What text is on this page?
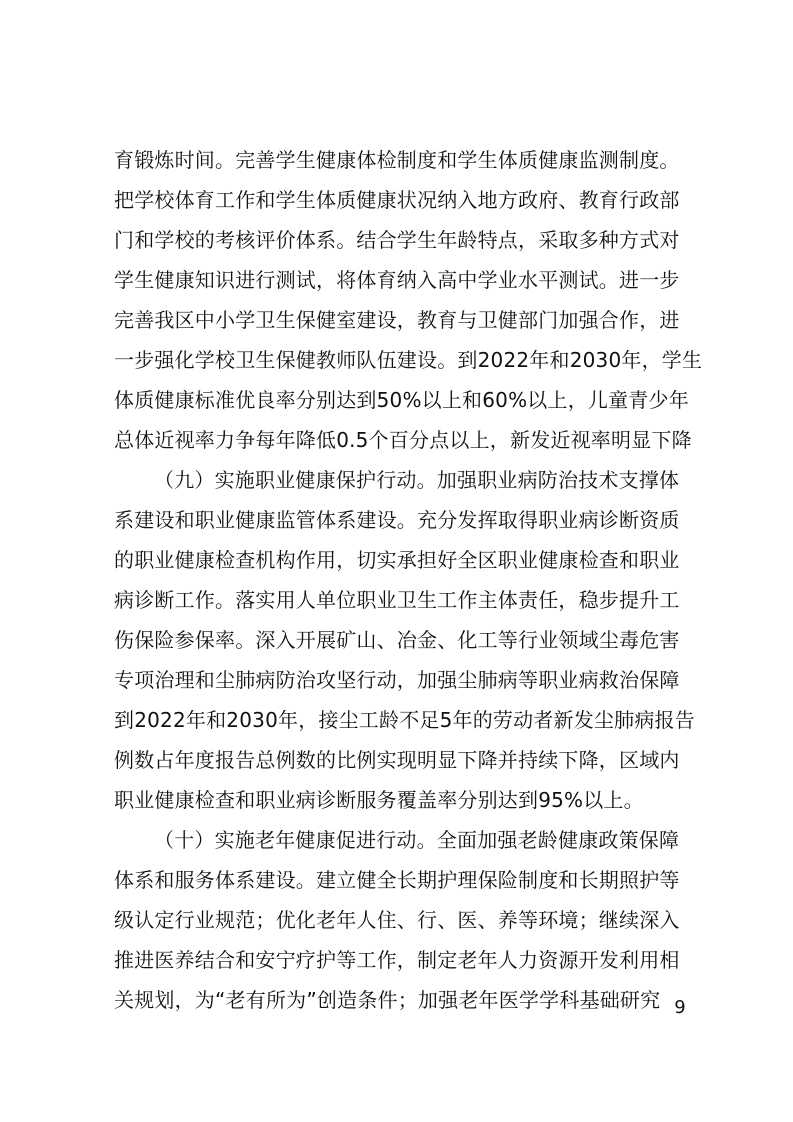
育锻炼时间。完善学生健康体检制度和学生体质健康监测制度。
把学校体育工作和学生体质健康状况纳入地方政府、教育行政部
门和学校的考核评价体系。结合学生年龄特点，采取多种方式对
学生健康知识进行测试，将体育纳入高中学业水平测试。进一步
完善我区中小学卫生保健室建设，教育与卫健部门加强合作，进
一步强化学校卫生保健教师队伍建设。到2022年和2030年，学生
体质健康标准优良率分别达到50%以上和60%以上，儿童青少年
总体近视率力争每年降低0.5个百分点以上，新发近视率明显下降
（九）实施职业健康保护行动。加强职业病防治技术支撑体
系建设和职业健康监管体系建设。充分发挥取得职业病诊断资质
的职业健康检查机构作用，切实承担好全区职业健康检查和职业
病诊断工作。落实用人单位职业卫生工作主体责任，稳步提升工
伤保险参保率。深入开展矿山、冶金、化工等行业领域尘毒危害
专项治理和尘肺病防治攻坚行动，加强尘肺病等职业病救治保障
到2022年和2030年，接尘工龄不足5年的劳动者新发尘肺病报告
例数占年度报告总例数的比例实现明显下降并持续下降，区域内
职业健康检查和职业病诊断服务覆盖率分别达到95%以上。
（十）实施老年健康促进行动。全面加强老龄健康政策保障
体系和服务体系建设。建立健全长期护理保险制度和长期照护等
级认定行业规范；优化老年人住、行、医、养等环境；继续深入
推进医养结合和安宁疗护等工作，制定老年人力资源开发利用相
关规划，为“老有所为”创造条件；加强老年医学学科基础研究 9
